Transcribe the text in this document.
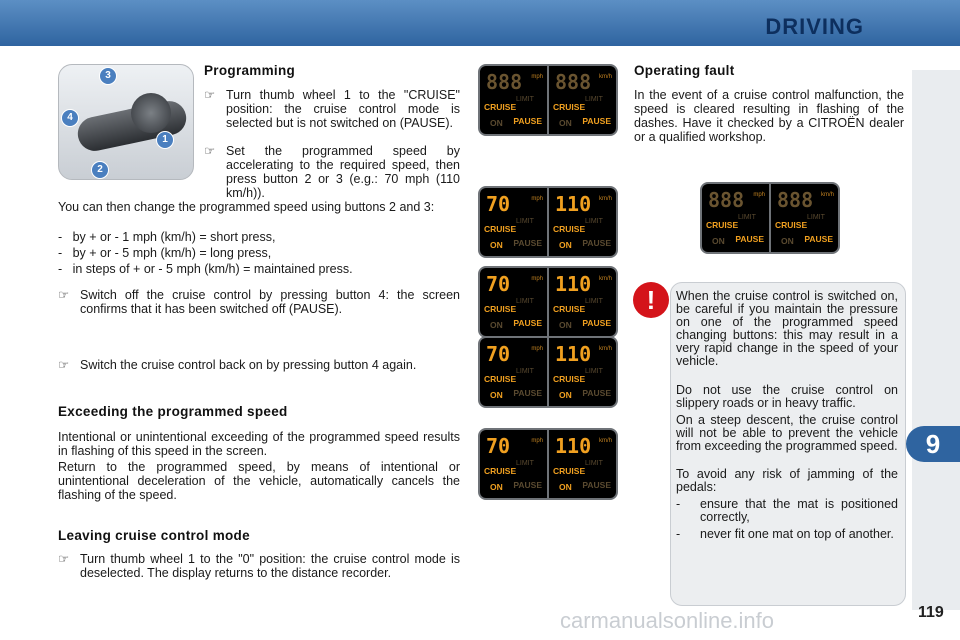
DRIVING
9
119
carmanualsonline.info
1
2
3
4
Programming
☞ Turn thumb wheel 1 to the "CRUISE" position: the cruise control mode is selected but is not switched on (PAUSE).
☞ Set the programmed speed by accelerating to the required speed, then press button 2 or 3 (e.g.: 70 mph (110 km/h)).
You can then change the programmed speed using buttons 2 and 3:
-   by + or - 1 mph (km/h) = short press,
-   by + or - 5 mph (km/h) = long press,
-   in steps of + or - 5 mph (km/h) = maintained press.
☞ Switch off the cruise control by pressing button 4: the screen confirms that it has been switched off (PAUSE).
☞ Switch the cruise control back on by pressing button 4 again.
Exceeding the programmed speed
Intentional or unintentional exceeding of the programmed speed results in flashing of this speed in the screen.
Return to the programmed speed, by means of intentional or unintentional deceleration of the vehicle, automatically cancels the flashing of the speed.
Leaving cruise control mode
☞ Turn thumb wheel 1 to the "0" position: the cruise control mode is deselected. The display returns to the distance recorder.
Operating fault
In the event of a cruise control malfunction, the speed is cleared resulting in flashing of the dashes. Have it checked by a CITROËN dealer or a qualified workshop.
!	When the cruise control is switched on, be careful if you maintain the pressure on one of the programmed speed changing buttons: this may result in a very rapid change in the speed of your vehicle.
Do not use the cruise control on slippery roads or in heavy traffic.
On a steep descent, the cruise control will not be able to prevent the vehicle from exceeding the programmed speed.
To avoid any risk of jamming of the pedals:
- ensure that the mat is positioned correctly,
- never fit one mat on top of another.
888 mph
LIMIT
CRUISE
ON PAUSE
888 km/h
LIMIT
CRUISE
ON PAUSE
70	mph
LIMIT
CRUISE
ON PAUSE
110 km/h
LIMIT
CRUISE
ON PAUSE
70	mph
LIMIT
CRUISE
ON PAUSE
110 km/h
LIMIT
CRUISE
ON PAUSE
70	mph
LIMIT
CRUISE
ON PAUSE
110 km/h
LIMIT
CRUISE
ON PAUSE
70	mph
LIMIT
CRUISE
ON PAUSE
110 km/h
LIMIT
CRUISE
ON PAUSE
888 mph
LIMIT
CRUISE
ON PAUSE
888 km/h
LIMIT
CRUISE
ON PAUSE
